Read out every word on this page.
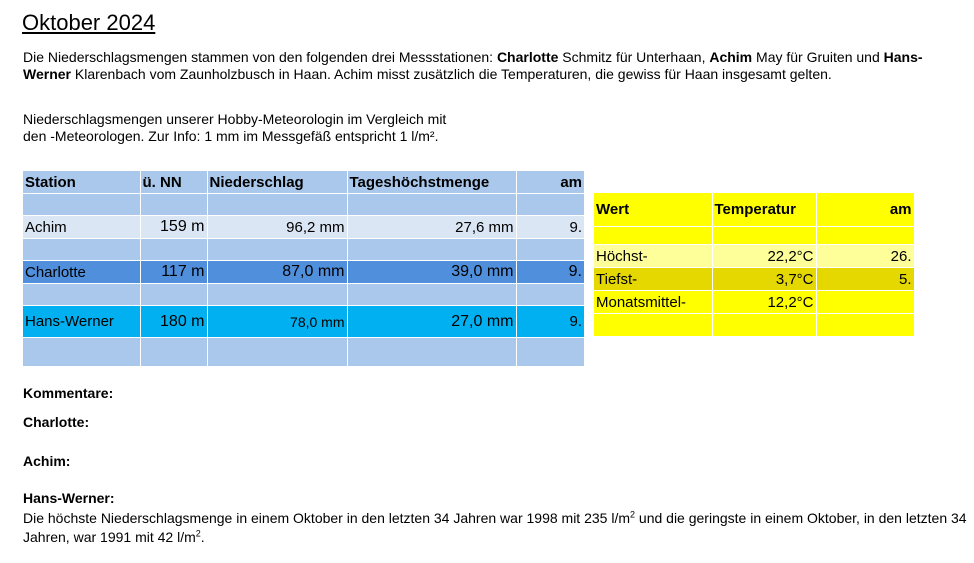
Oktober 2024
Die Niederschlagsmengen stammen von den folgenden drei Messstationen: Charlotte Schmitz für Unterhaan, Achim May für Gruiten und Hans-Werner Klarenbach vom Zaunholzbusch in Haan. Achim misst zusätzlich die Temperaturen, die gewiss für Haan insgesamt gelten.
Niederschlagsmengen unserer Hobby-Meteorologin im Vergleich mit
den -Meteorologen. Zur Info: 1 mm im Messgefäß entspricht 1 l/m².
Station	ü. NN	Niederschlag	Tageshöchstmenge	am

Achim	159 m	96,2 mm	27,6 mm	9.

Charlotte	117 m	87,0 mm	39,0 mm	9.

Hans-Werner	180 m	78,0 mm	27,0 mm	9.

Wert	Temperatur	am

Höchst-	22,2°C	26.
Tiefst-	3,7°C	5.
Monatsmittel-	12,2°C	

Kommentare:
Charlotte:
Achim:
Hans-Werner:
Die höchste Niederschlagsmenge in einem Oktober in den letzten 34 Jahren war 1998 mit 235 $l/m^2$ und die geringste in einem Oktober, in den letzten 34 Jahren, war 1991 mit 42 $l/m^2$.
